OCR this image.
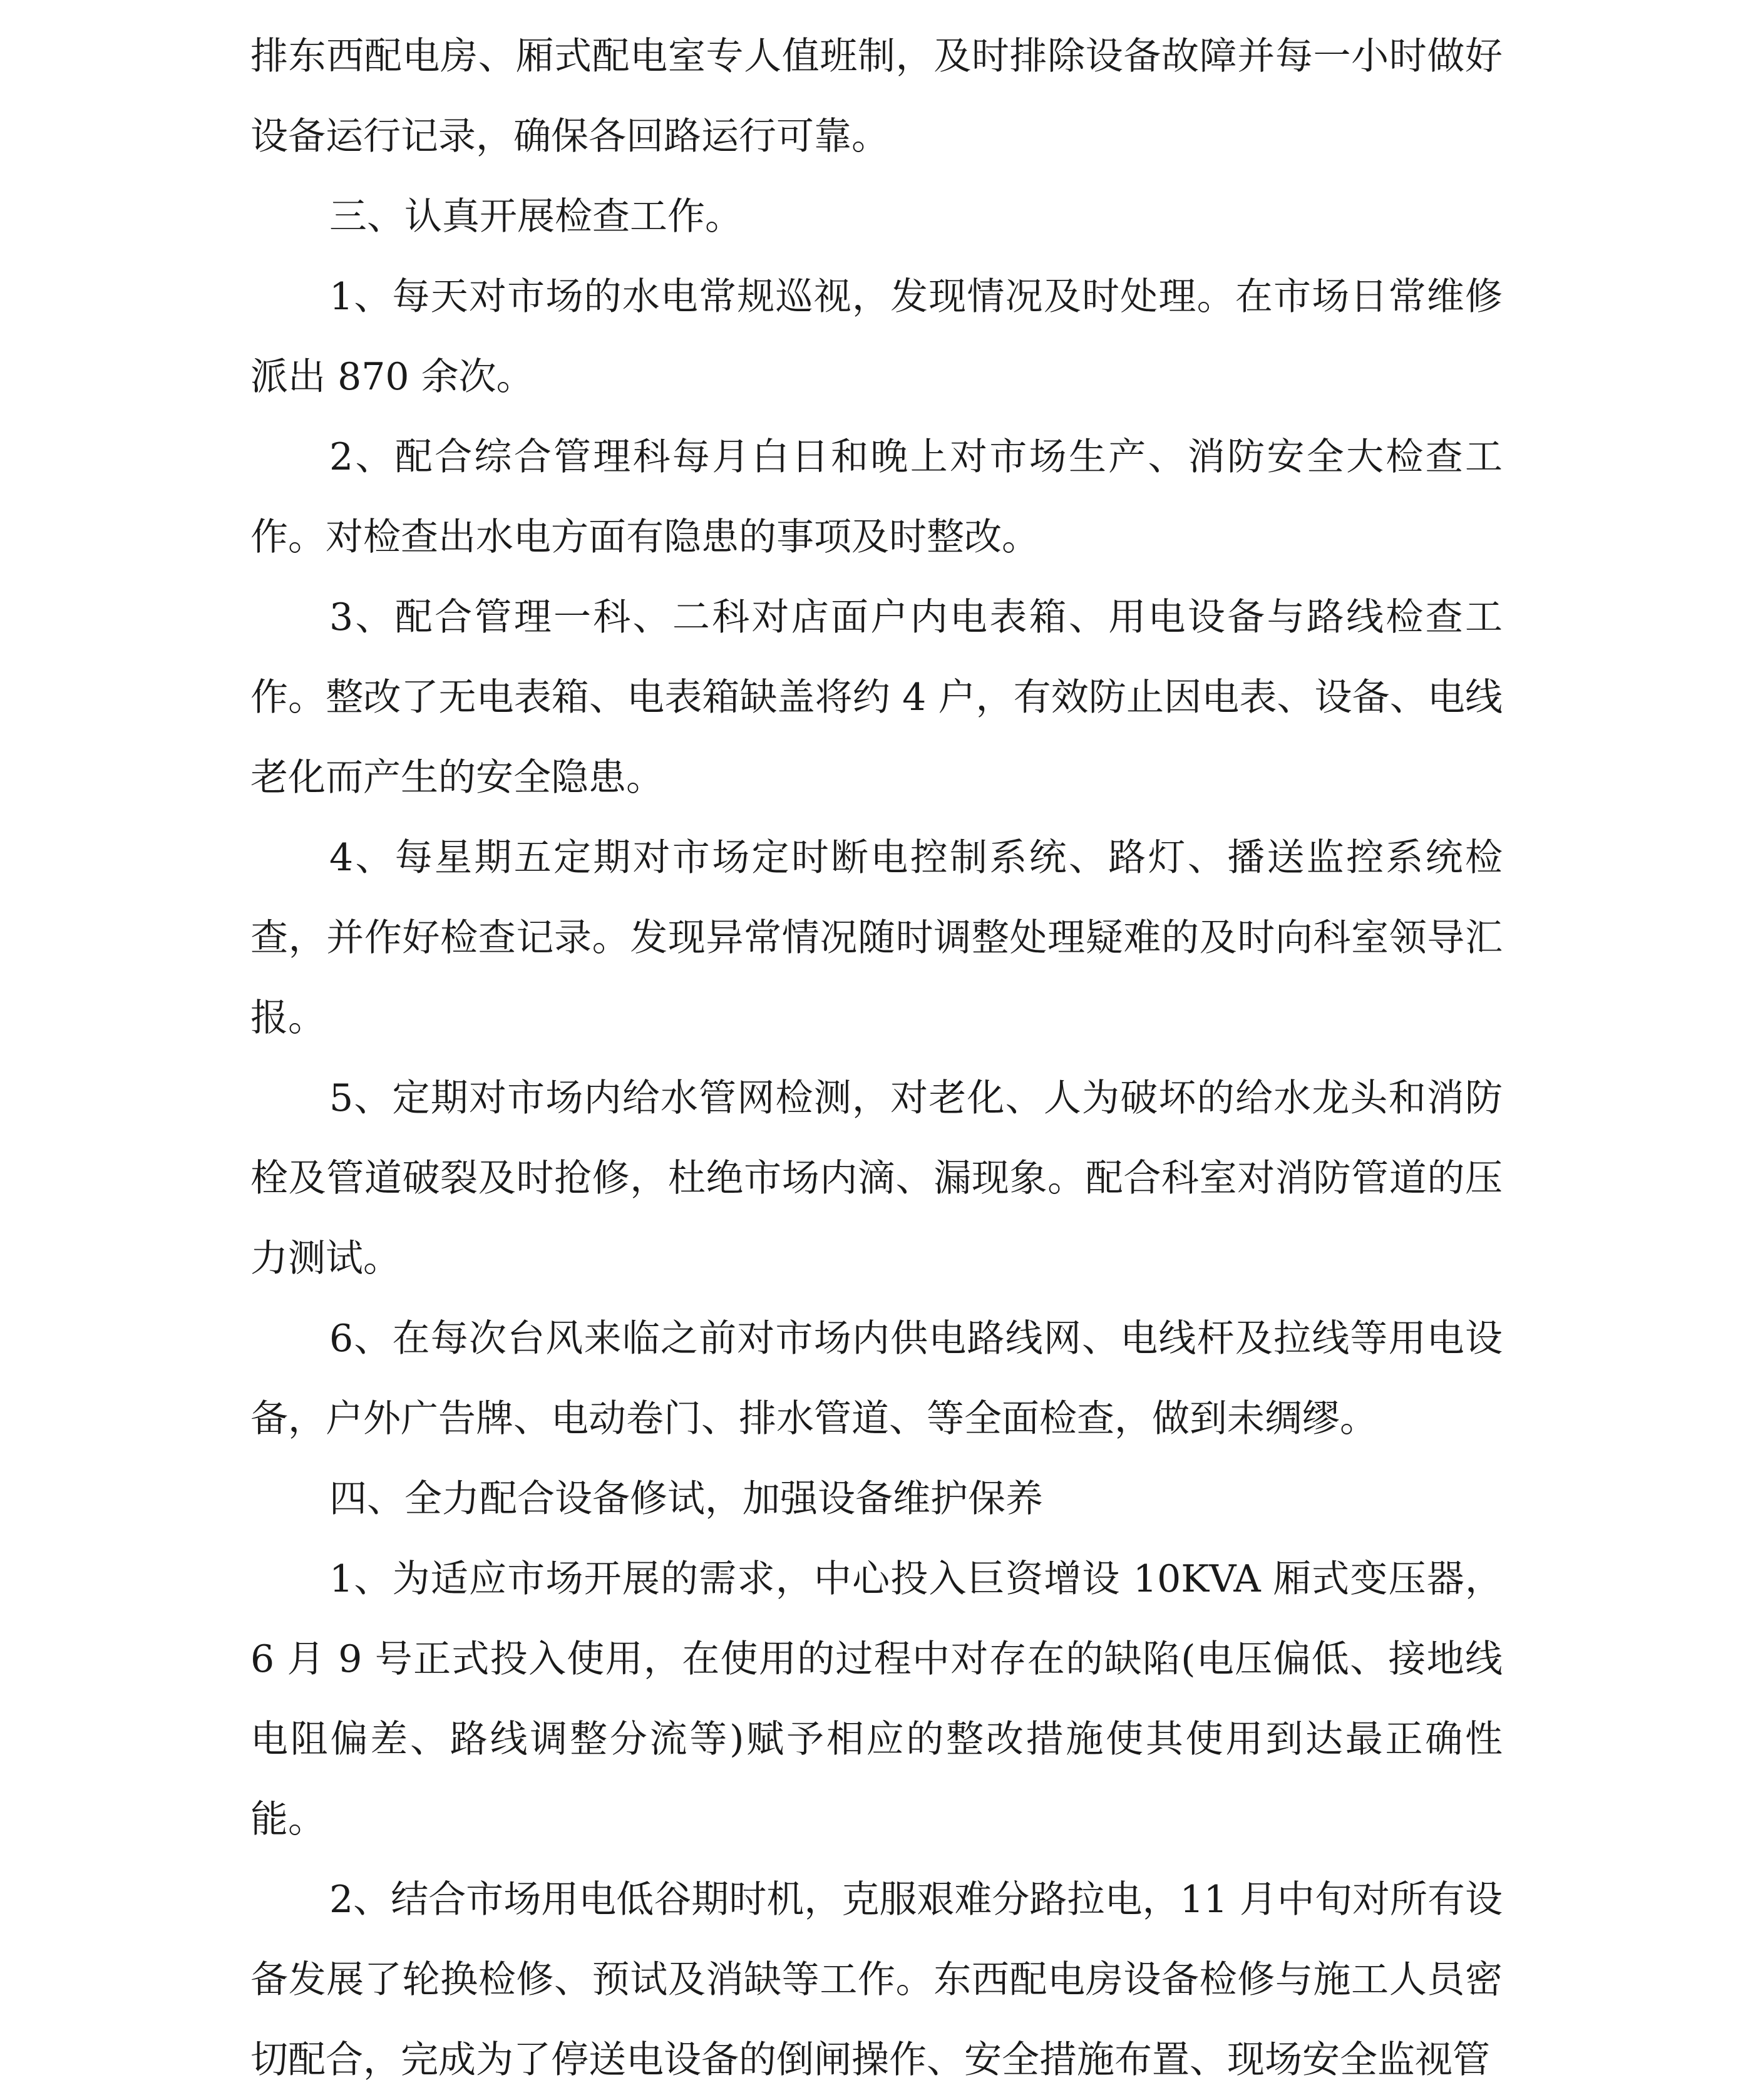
排东西配电房、厢式配电室专人值班制，及时排除设备故障并每一小时做好设备运行记录，确保各回路运行可靠。

三、认真开展检查工作。

1、每天对市场的水电常规巡视，发现情况及时处理。在市场日常维修派出 870 余次。

2、配合综合管理科每月白日和晚上对市场生产、消防安全大检查工作。对检查出水电方面有隐患的事项及时整改。

3、配合管理一科、二科对店面户内电表箱、用电设备与路线检查工作。整改了无电表箱、电表箱缺盖将约 4 户，有效防止因电表、设备、电线老化而产生的安全隐患。

4、每星期五定期对市场定时断电控制系统、路灯、播送监控系统检查，并作好检查记录。发现异常情况随时调整处理疑难的及时向科室领导汇报。

5、定期对市场内给水管网检测，对老化、人为破坏的给水龙头和消防栓及管道破裂及时抢修，杜绝市场内滴、漏现象。配合科室对消防管道的压力测试。

6、在每次台风来临之前对市场内供电路线网、电线杆及拉线等用电设备，户外广告牌、电动卷门、排水管道、等全面检查，做到未绸缪。

四、全力配合设备修试，加强设备维护保养

1、为适应市场开展的需求，中心投入巨资增设 10KVA 厢式变压器，6 月 9 号正式投入使用，在使用的过程中对存在的缺陷(电压偏低、接地线电阻偏差、路线调整分流等)赋予相应的整改措施使其使用到达最正确性能。

2、结合市场用电低谷期时机，克服艰难分路拉电，11 月中旬对所有设备发展了轮换检修、预试及消缺等工作。东西配电房设备检修与施工人员密切配合，完成为了停送电设备的倒闸操作、安全措施布置、现场安全监视管
